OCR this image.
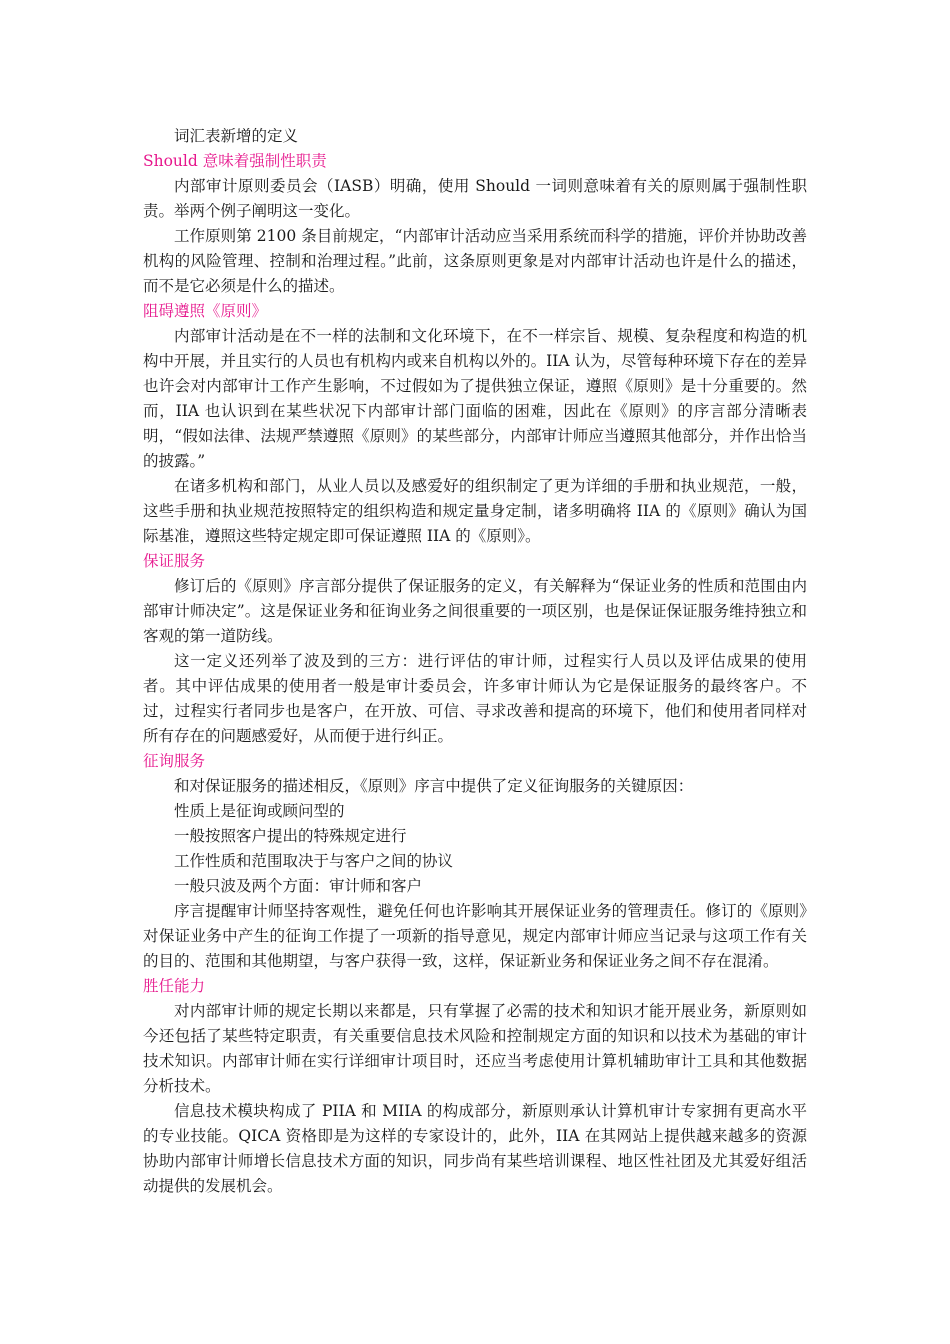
词汇表新增的定义

Should 意味着强制性职责

内部审计原则委员会（IASB）明确，使用 Should 一词则意味着有关的原则属于强制性职责。举两个例子阐明这一变化。

工作原则第 2100 条目前规定，“内部审计活动应当采用系统而科学的措施，评价并协助改善机构的风险管理、控制和治理过程。”此前，这条原则更象是对内部审计活动也许是什么的描述，而不是它必须是什么的描述。

阻碍遵照《原则》

内部审计活动是在不一样的法制和文化环境下，在不一样宗旨、规模、复杂程度和构造的机构中开展，并且实行的人员也有机构内或来自机构以外的。IIA 认为，尽管每种环境下存在的差异也许会对内部审计工作产生影响，不过假如为了提供独立保证，遵照《原则》是十分重要的。然而，IIA 也认识到在某些状况下内部审计部门面临的困难，因此在《原则》的序言部分清晰表明，“假如法律、法规严禁遵照《原则》的某些部分，内部审计师应当遵照其他部分，并作出恰当的披露。”

在诸多机构和部门，从业人员以及感爱好的组织制定了更为详细的手册和执业规范，一般，这些手册和执业规范按照特定的组织构造和规定量身定制，诸多明确将 IIA 的《原则》确认为国际基准，遵照这些特定规定即可保证遵照 IIA 的《原则》。

保证服务

修订后的《原则》序言部分提供了保证服务的定义，有关解释为“保证业务的性质和范围由内部审计师决定”。这是保证业务和征询业务之间很重要的一项区别，也是保证保证服务维持独立和客观的第一道防线。

这一定义还列举了波及到的三方：进行评估的审计师，过程实行人员以及评估成果的使用者。其中评估成果的使用者一般是审计委员会，许多审计师认为它是保证服务的最终客户。不过，过程实行者同步也是客户，在开放、可信、寻求改善和提高的环境下，他们和使用者同样对所有存在的问题感爱好，从而便于进行纠正。

征询服务

和对保证服务的描述相反，《原则》序言中提供了定义征询服务的关键原因：

性质上是征询或顾问型的

一般按照客户提出的特殊规定进行

工作性质和范围取决于与客户之间的协议

一般只波及两个方面：审计师和客户

序言提醒审计师坚持客观性，避免任何也许影响其开展保证业务的管理责任。修订的《原则》对保证业务中产生的征询工作提了一项新的指导意见，规定内部审计师应当记录与这项工作有关的目的、范围和其他期望，与客户获得一致，这样，保证新业务和保证业务之间不存在混淆。

胜任能力

对内部审计师的规定长期以来都是，只有掌握了必需的技术和知识才能开展业务，新原则如今还包括了某些特定职责，有关重要信息技术风险和控制规定方面的知识和以技术为基础的审计技术知识。内部审计师在实行详细审计项目时，还应当考虑使用计算机辅助审计工具和其他数据分析技术。

信息技术模块构成了 PIIA 和 MIIA 的构成部分，新原则承认计算机审计专家拥有更高水平的专业技能。QICA 资格即是为这样的专家设计的，此外，IIA 在其网站上提供越来越多的资源协助内部审计师增长信息技术方面的知识，同步尚有某些培训课程、地区性社团及尤其爱好组活动提供的发展机会。
